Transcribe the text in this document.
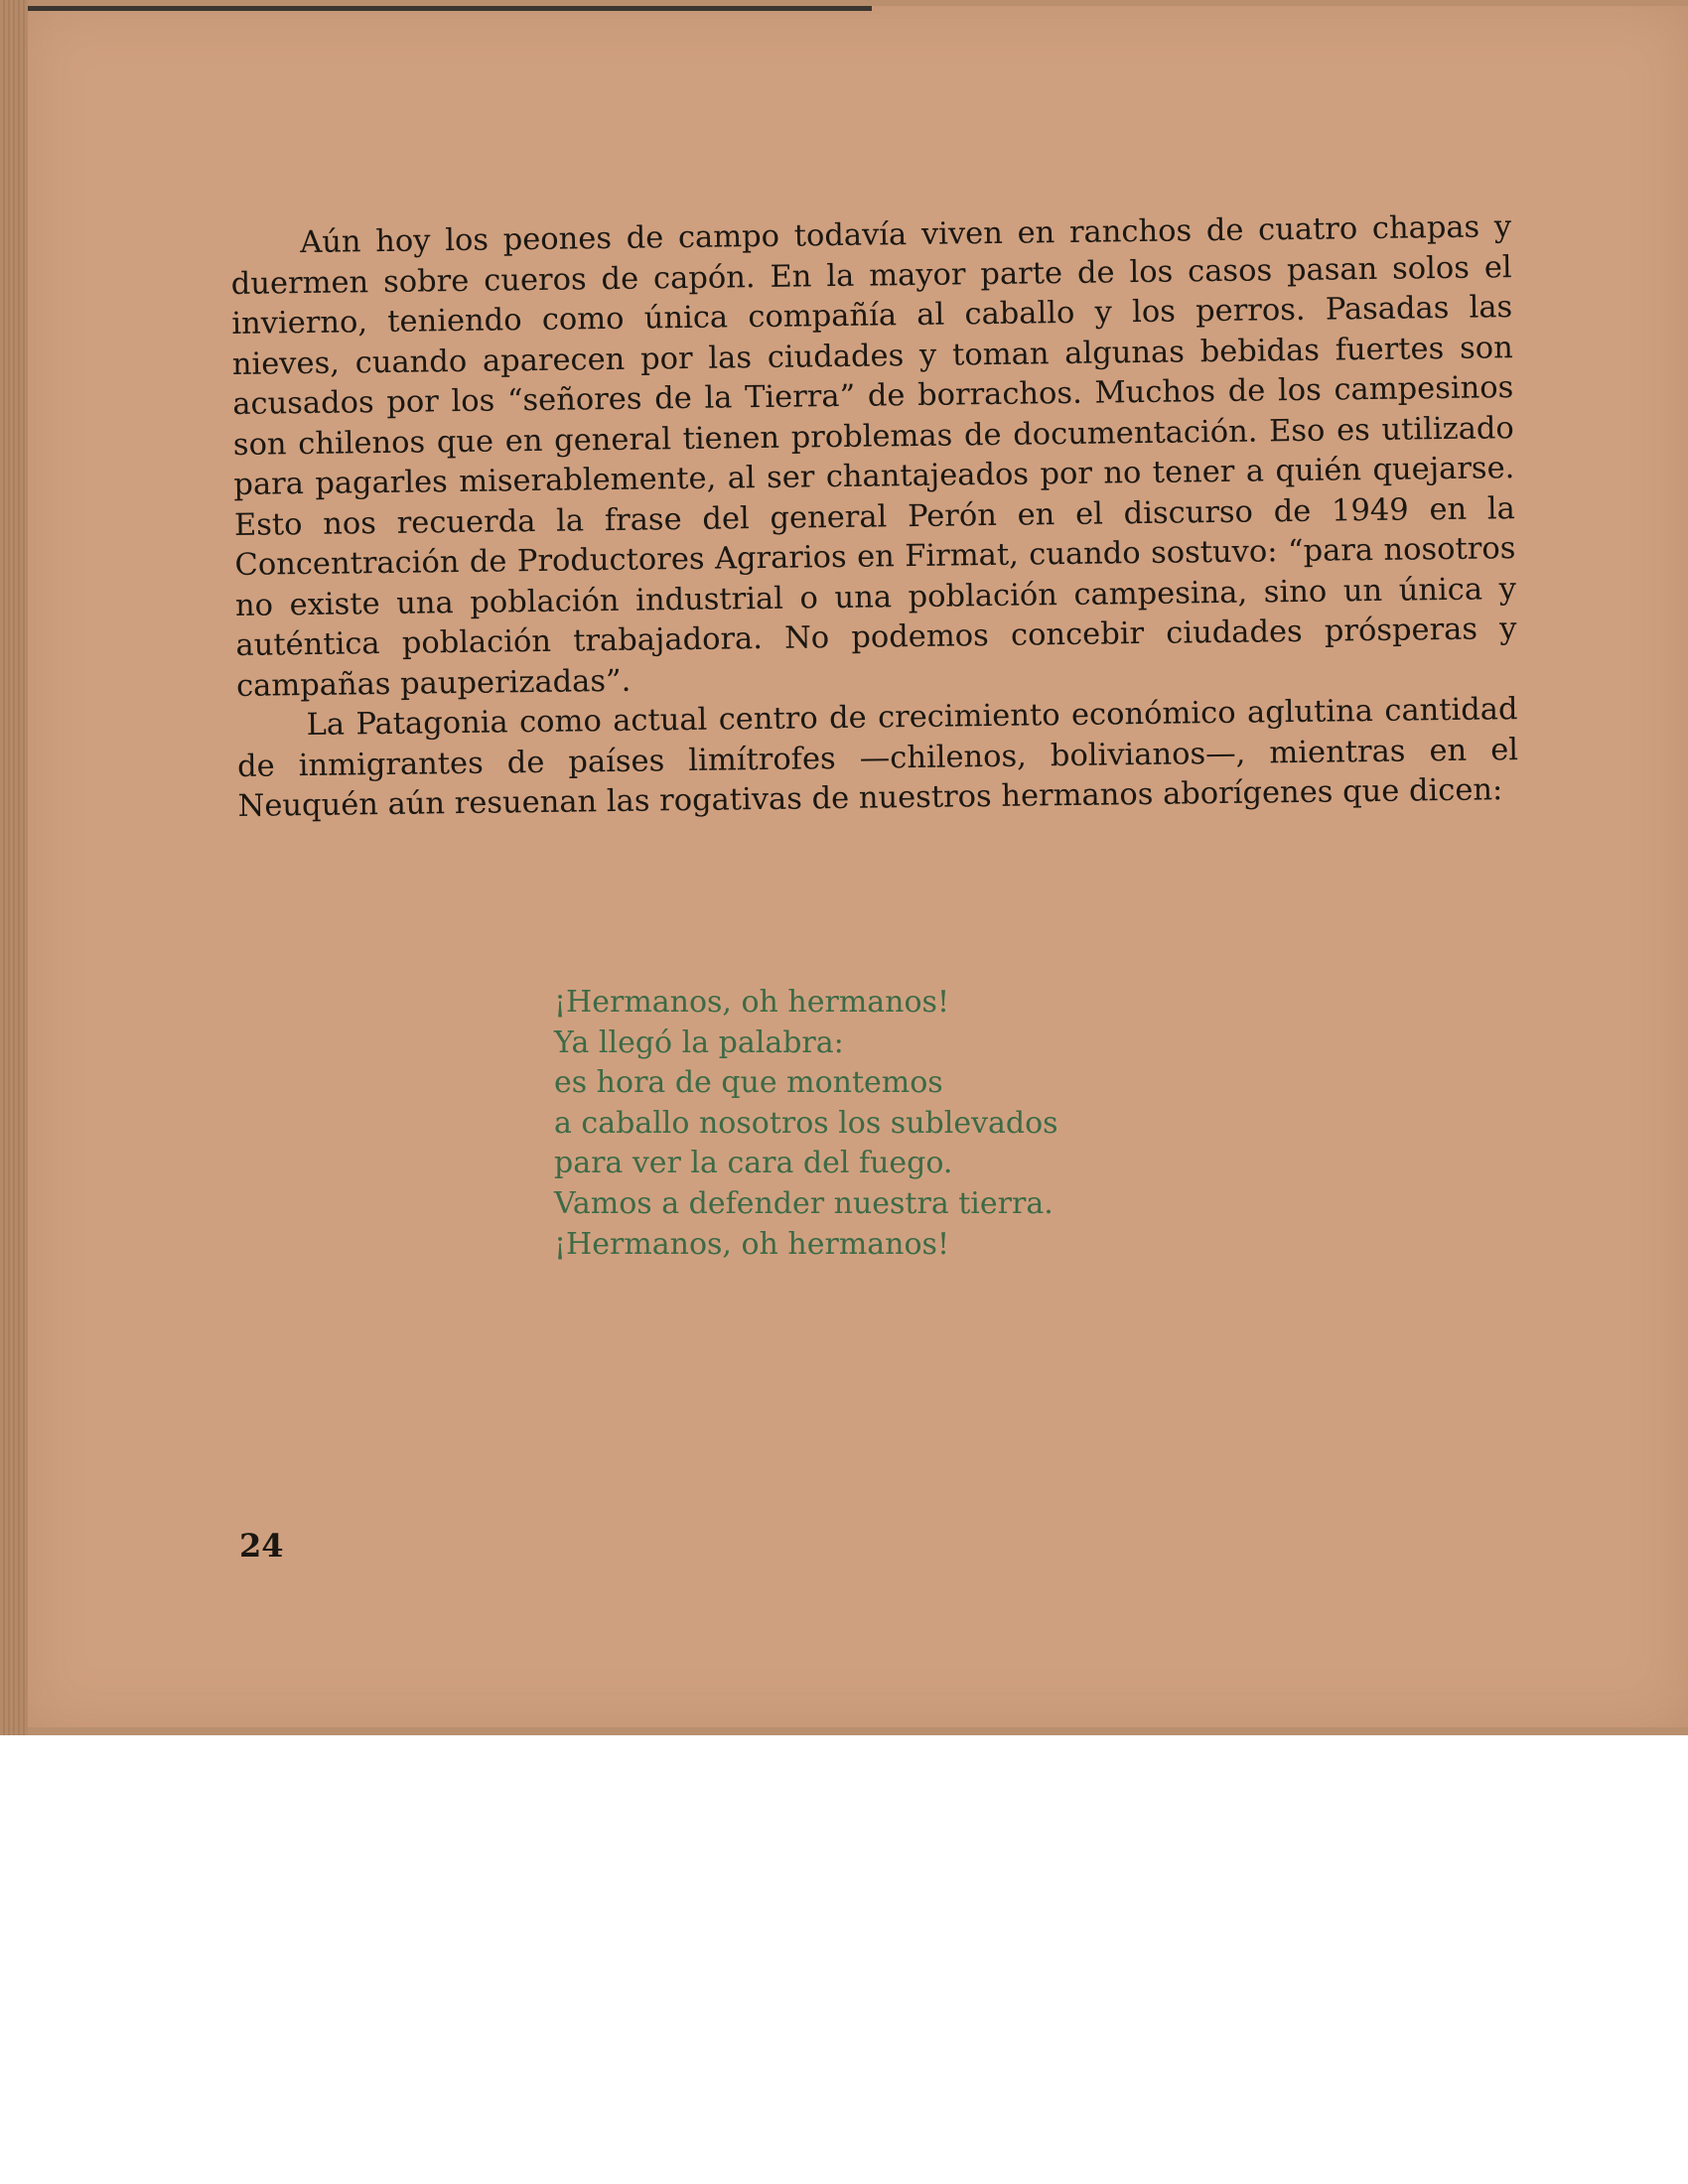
Aún hoy los peones de campo todavía viven en ranchos de cuatro chapas y duermen sobre cueros de capón. En la mayor parte de los casos pasan solos el invierno, teniendo como única compañía al caballo y los perros. Pasadas las nieves, cuando aparecen por las ciudades y toman algunas bebidas fuertes son acusados por los “señores de la Tierra” de borrachos. Muchos de los campesinos son chilenos que en general tienen problemas de documentación. Eso es utilizado para pagarles miserablemente, al ser chantajeados por no tener a quién quejarse. Esto nos recuerda la frase del general Perón en el discurso de 1949 en la Concentración de Productores Agrarios en Firmat, cuando sostuvo: “para nosotros no existe una población industrial o una población campesina, sino un única y auténtica población trabajadora. No podemos concebir ciudades prósperas y campañas pauperizadas”.

La Patagonia como actual centro de crecimiento económico aglutina cantidad de inmigrantes de países limítrofes —chilenos, bolivianos—, mientras en el Neuquén aún resuenan las rogativas de nuestros hermanos aborígenes que dicen:

¡Hermanos, oh hermanos!
Ya llegó la palabra:
es hora de que montemos
a caballo nosotros los sublevados
para ver la cara del fuego.
Vamos a defender nuestra tierra.
¡Hermanos, oh hermanos!
24
